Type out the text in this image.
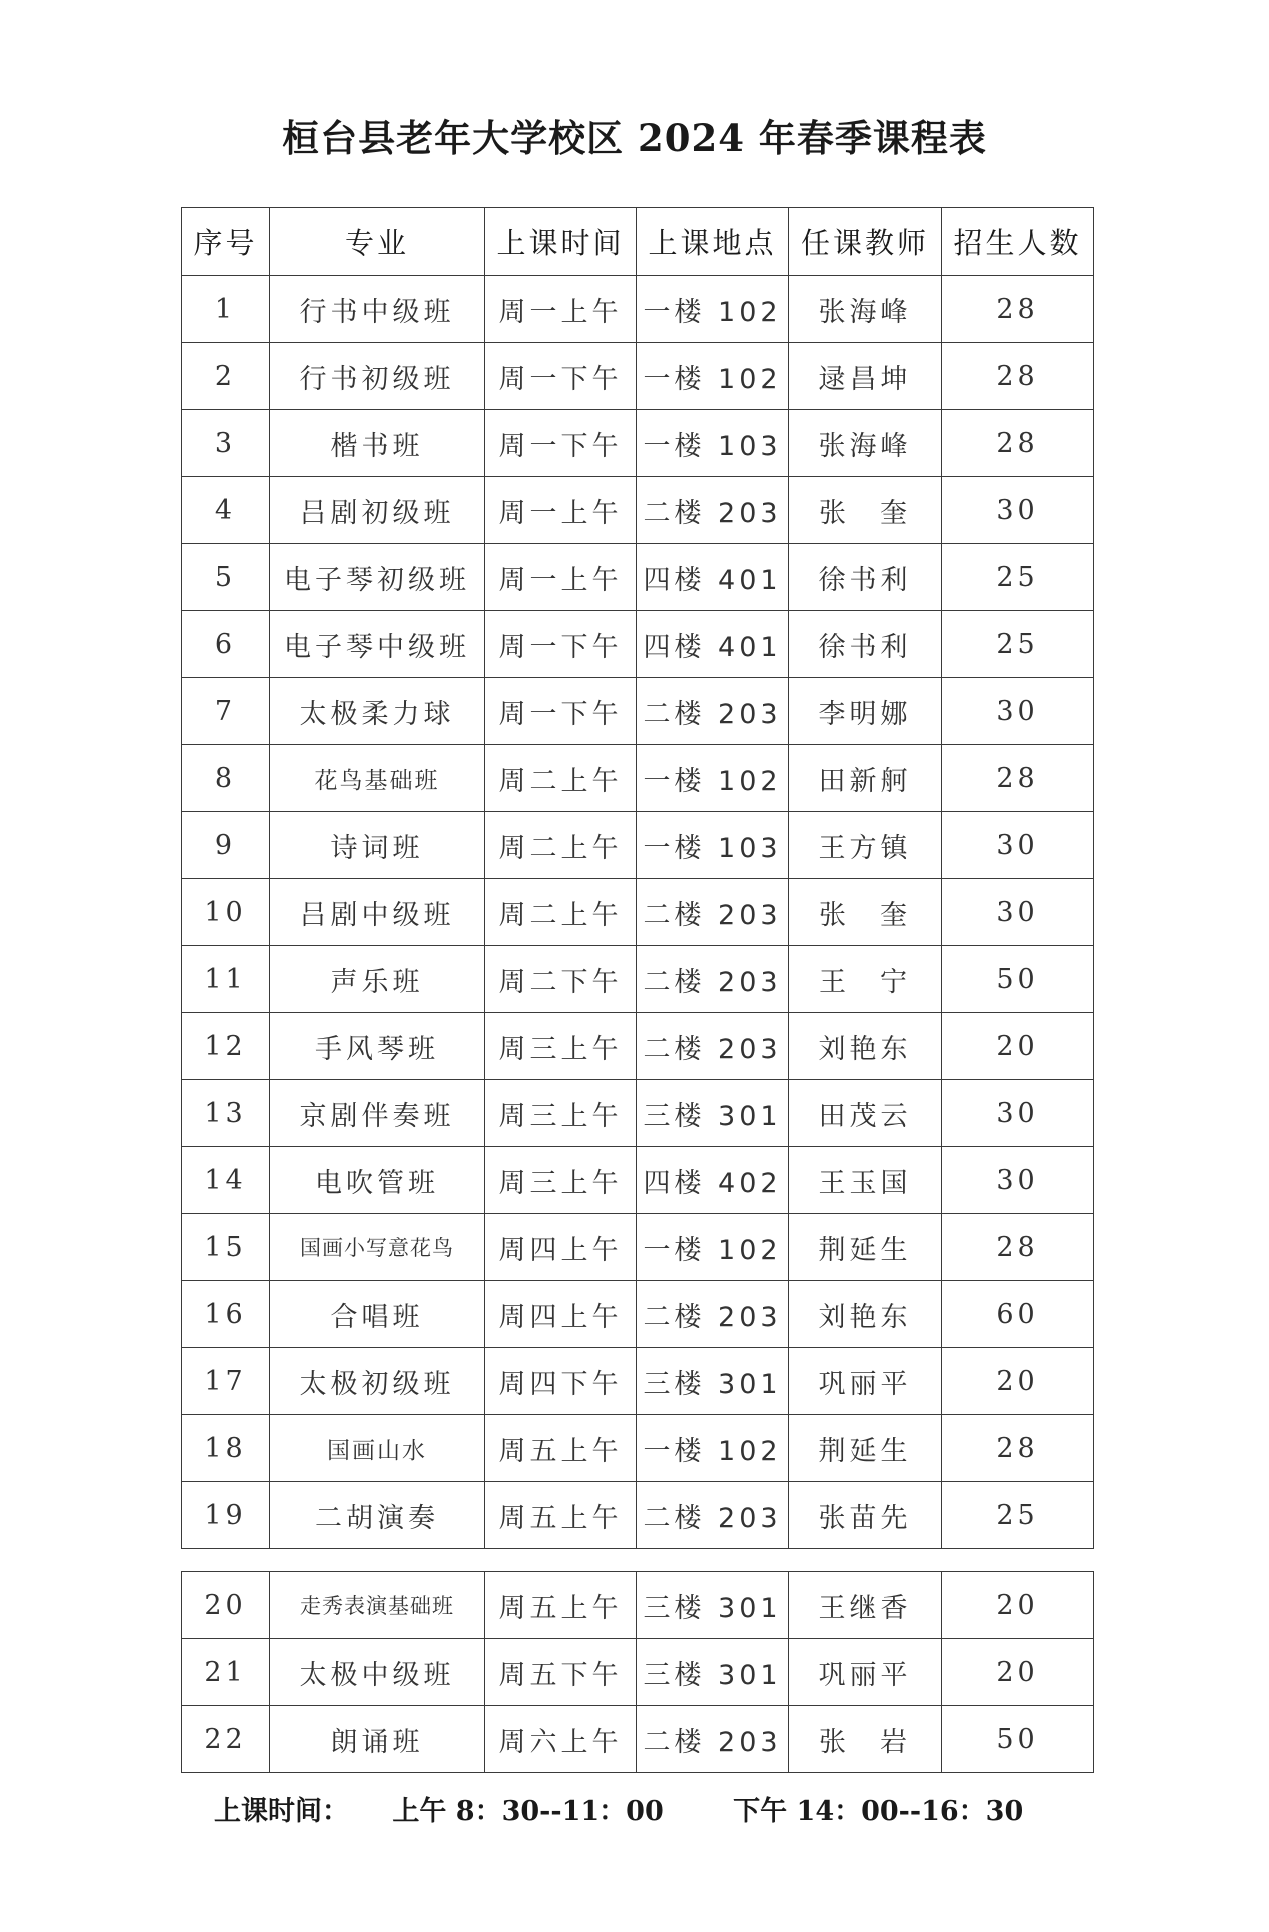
桓台县老年大学校区 2024 年春季课程表
序号	专业	上课时间	上课地点	任课教师	招生人数
1	行书中级班	周一上午	一楼 102	张海峰	28
2	行书初级班	周一下午	一楼 102	逯昌坤	28
3	楷书班	周一下午	一楼 103	张海峰	28
4	吕剧初级班	周一上午	二楼 203	张奎	30
5	电子琴初级班	周一上午	四楼 401	徐书利	25
6	电子琴中级班	周一下午	四楼 401	徐书利	25
7	太极柔力球	周一下午	二楼 203	李明娜	30
8	花鸟基础班	周二上午	一楼 102	田新舸	28
9	诗词班	周二上午	一楼 103	王方镇	30
10	吕剧中级班	周二上午	二楼 203	张奎	30
11	声乐班	周二下午	二楼 203	王宁	50
12	手风琴班	周三上午	二楼 203	刘艳东	20
13	京剧伴奏班	周三上午	三楼 301	田茂云	30
14	电吹管班	周三上午	四楼 402	王玉国	30
15	国画小写意花鸟	周四上午	一楼 102	荆延生	28
16	合唱班	周四上午	二楼 203	刘艳东	60
17	太极初级班	周四下午	三楼 301	巩丽平	20
18	国画山水	周五上午	一楼 102	荆延生	28
19	二胡演奏	周五上午	二楼 203	张苗先	25
20	走秀表演基础班	周五上午	三楼 301	王继香	20
21	太极中级班	周五下午	三楼 301	巩丽平	20
22	朗诵班	周六上午	二楼 203	张岩	50
上课时间： 上午 8：30--11：00	下午 14：00--16：30
